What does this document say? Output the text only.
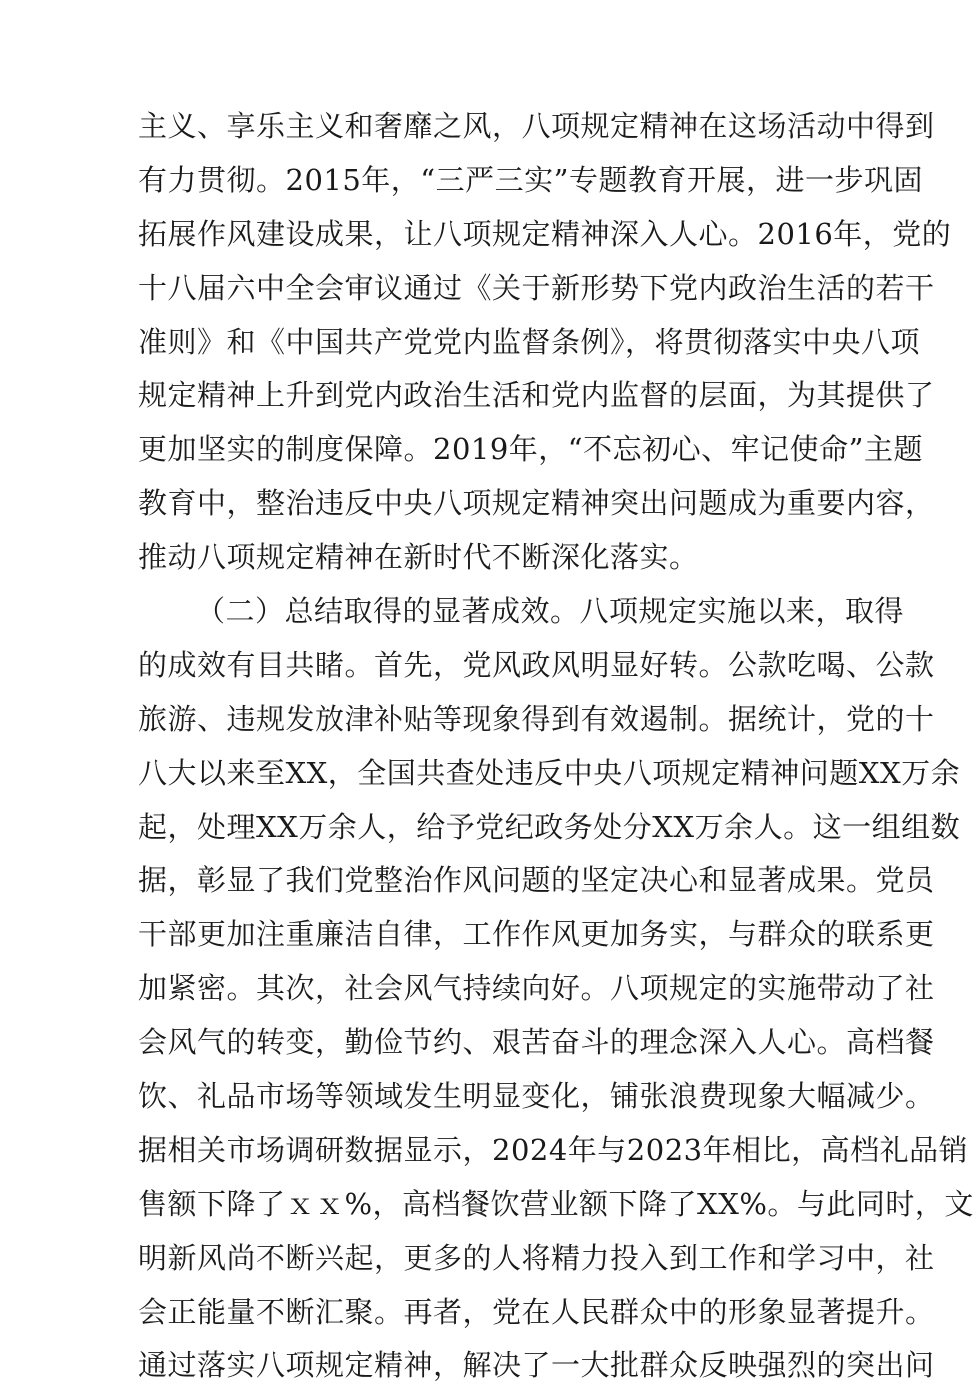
主义、享乐主义和奢靡之风，八项规定精神在这场活动中得到
有力贯彻。2015年，“三严三实”专题教育开展，进一步巩固
拓展作风建设成果，让八项规定精神深入人心。2016年，党的
十八届六中全会审议通过《关于新形势下党内政治生活的若干
准则》和《中国共产党党内监督条例》，将贯彻落实中央八项
规定精神上升到党内政治生活和党内监督的层面，为其提供了
更加坚实的制度保障。2019年，“不忘初心、牢记使命”主题
教育中，整治违反中央八项规定精神突出问题成为重要内容，
推动八项规定精神在新时代不断深化落实。
（二）总结取得的显著成效。八项规定实施以来，取得
的成效有目共睹。首先，党风政风明显好转。公款吃喝、公款
旅游、违规发放津补贴等现象得到有效遏制。据统计，党的十
八大以来至XX，全国共查处违反中央八项规定精神问题XX万余
起，处理XX万余人，给予党纪政务处分XX万余人。这一组组数
据，彰显了我们党整治作风问题的坚定决心和显著成果。党员
干部更加注重廉洁自律，工作作风更加务实，与群众的联系更
加紧密。其次，社会风气持续向好。八项规定的实施带动了社
会风气的转变，勤俭节约、艰苦奋斗的理念深入人心。高档餐
饮、礼品市场等领域发生明显变化，铺张浪费现象大幅减少。
据相关市场调研数据显示，2024年与2023年相比，高档礼品销
售额下降了ｘｘ%，高档餐饮营业额下降了XX%。与此同时，文
明新风尚不断兴起，更多的人将精力投入到工作和学习中，社
会正能量不断汇聚。再者，党在人民群众中的形象显著提升。
通过落实八项规定精神，解决了一大批群众反映强烈的突出问
